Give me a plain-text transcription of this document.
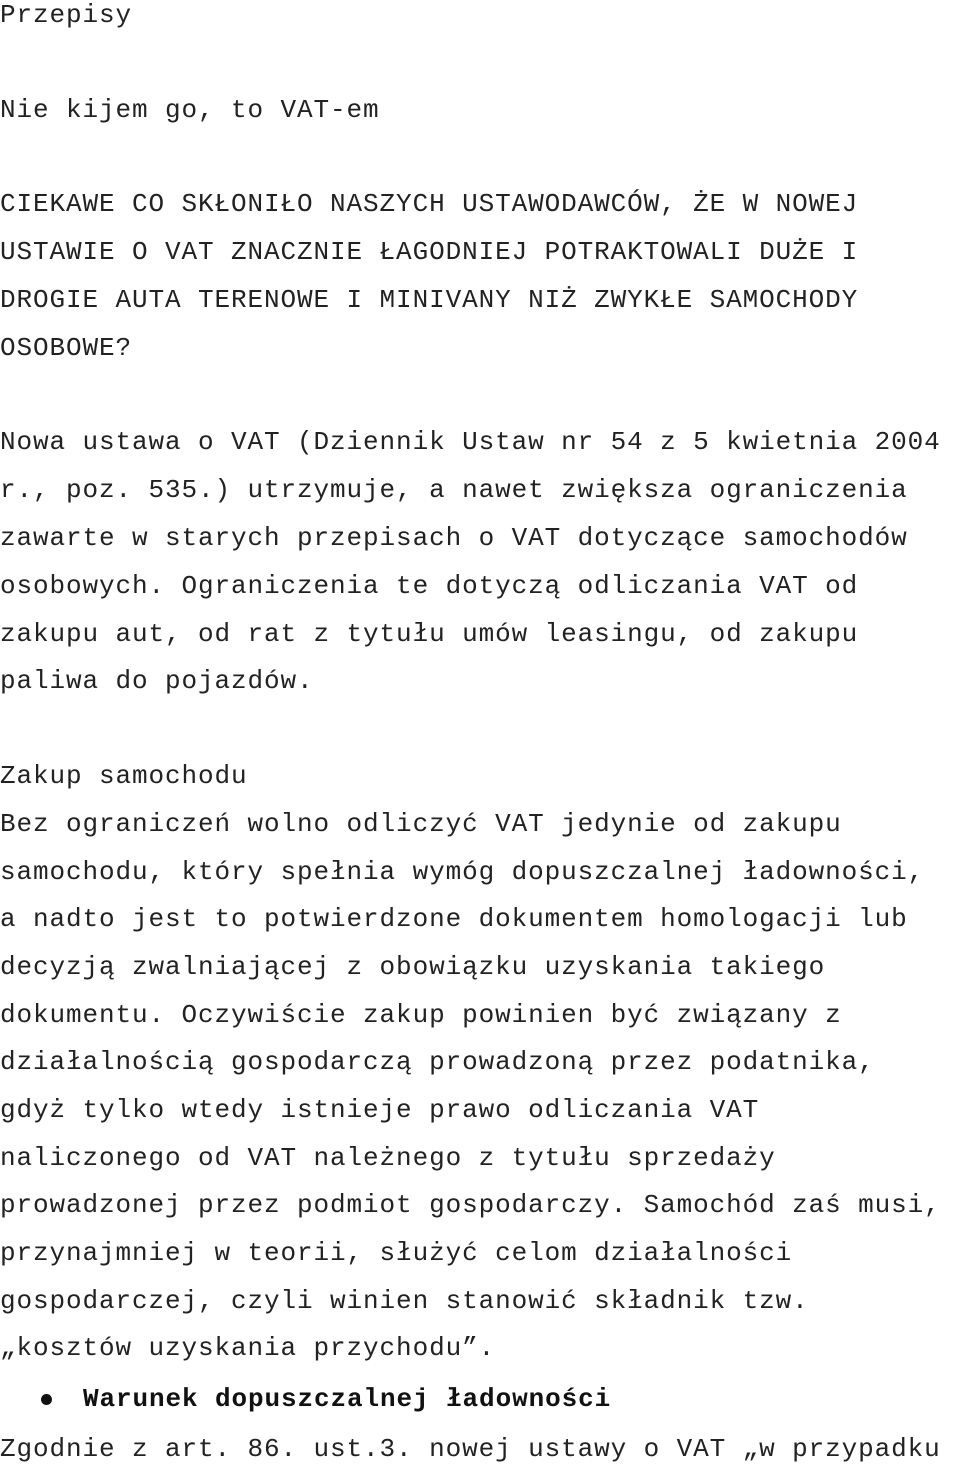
Przepisy
Nie kijem go, to VAT-em
CIEKAWE CO SKŁONIŁO NASZYCH USTAWODAWCÓW, ŻE W NOWEJ
USTAWIE O VAT ZNACZNIE ŁAGODNIEJ POTRAKTOWALI DUŻE I
DROGIE AUTA TERENOWE I MINIVANY NIŻ ZWYKŁE SAMOCHODY
OSOBOWE?
Nowa ustawa o VAT (Dziennik Ustaw nr 54 z 5 kwietnia 2004
r., poz. 535.) utrzymuje, a nawet zwiększa ograniczenia
zawarte w starych przepisach o VAT dotyczące samochodów
osobowych. Ograniczenia te dotyczą odliczania VAT od
zakupu aut, od rat z tytułu umów leasingu, od zakupu
paliwa do pojazdów.
Zakup samochodu
Bez ograniczeń wolno odliczyć VAT jedynie od zakupu
samochodu, który spełnia wymóg dopuszczalnej ładowności,
a nadto jest to potwierdzone dokumentem homologacji lub
decyzją zwalniającej z obowiązku uzyskania takiego
dokumentu. Oczywiście zakup powinien być związany z
działalnością gospodarczą prowadzoną przez podatnika,
gdyż tylko wtedy istnieje prawo odliczania VAT
naliczonego od VAT należnego z tytułu sprzedaży
prowadzonej przez podmiot gospodarczy. Samochód zaś musi,
przynajmniej w teorii, służyć celom działalności
gospodarczej, czyli winien stanowić składnik tzw.
„kosztów uzyskania przychodu”.
Warunek dopuszczalnej ładowności
Zgodnie z art. 86. ust.3. nowej ustawy o VAT „w przypadku
